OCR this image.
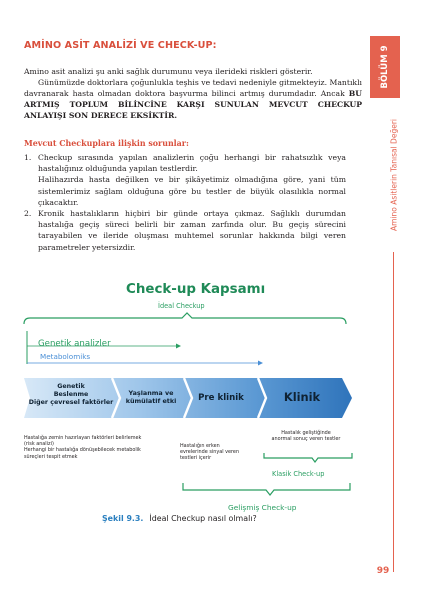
BÖLÜM 9
Amino Asitlerin Tanısal Değeri
99
AMİNO ASİT ANALİZİ VE CHECK-UP:

Amino asit analizi şu anki sağlık durumunu veya ilerideki riskleri gösterir.

Günümüzde doktorlara çoğunlukla teşhis ve tedavi nedeniyle gitmekteyiz. Mantıklı davranarak hasta olmadan doktora başvurma bilinci artmış durumdadır. Ancak BU ARTMIŞ TOPLUM BİLİNCİNE KARŞI SUNULAN MEVCUT CHECKUP ANLAYIŞI SON DERECE EKSİKTİR.

Mevcut Checkuplara ilişkin sorunlar:
1. Checkup sırasında yapılan analizlerin çoğu herhangi bir rahatsızlık veya hastalığınız olduğunda yapılan testlerdir.

Halihazırda hasta değilken ve bir şikâyetimiz olmadığına göre, yani tüm sistemlerimiz sağlam olduğuna göre bu testler de büyük olasılıkla normal çıkacaktır.

2. Kronik hastalıkların hiçbiri bir günde ortaya çıkmaz. Sağlıklı durumdan hastalığa geçiş süreci belirli bir zaman zarfında olur. Bu geçiş sürecini tarayabilen ve ileride oluşması muhtemel sorunlar hakkında bilgi veren parametreler yetersizdir.

Check-up Kapsamı
İdeal Checkup
Genetik analizler
Metabolomiks
Genetik
Beslenme
Diğer çevresel faktörler
Yaşlanma ve
kümülatif etki	Pre klinik	Klinik

Hastalığa zemin hazırlayan faktörleri belirlemek

(risk analizi)

Herhangi bir hastalığa dönüşebilecek metabolik

süreçleri tespit etmek

Hastalığın erken

evrelerinde sinyal veren

testleri içerir

Hastalık geliştiğinde

anormal sonuç veren testler

Klasik Check-up
Gelişmiş Check-up
Şekil 9.3. İdeal Checkup nasıl olmalı?
